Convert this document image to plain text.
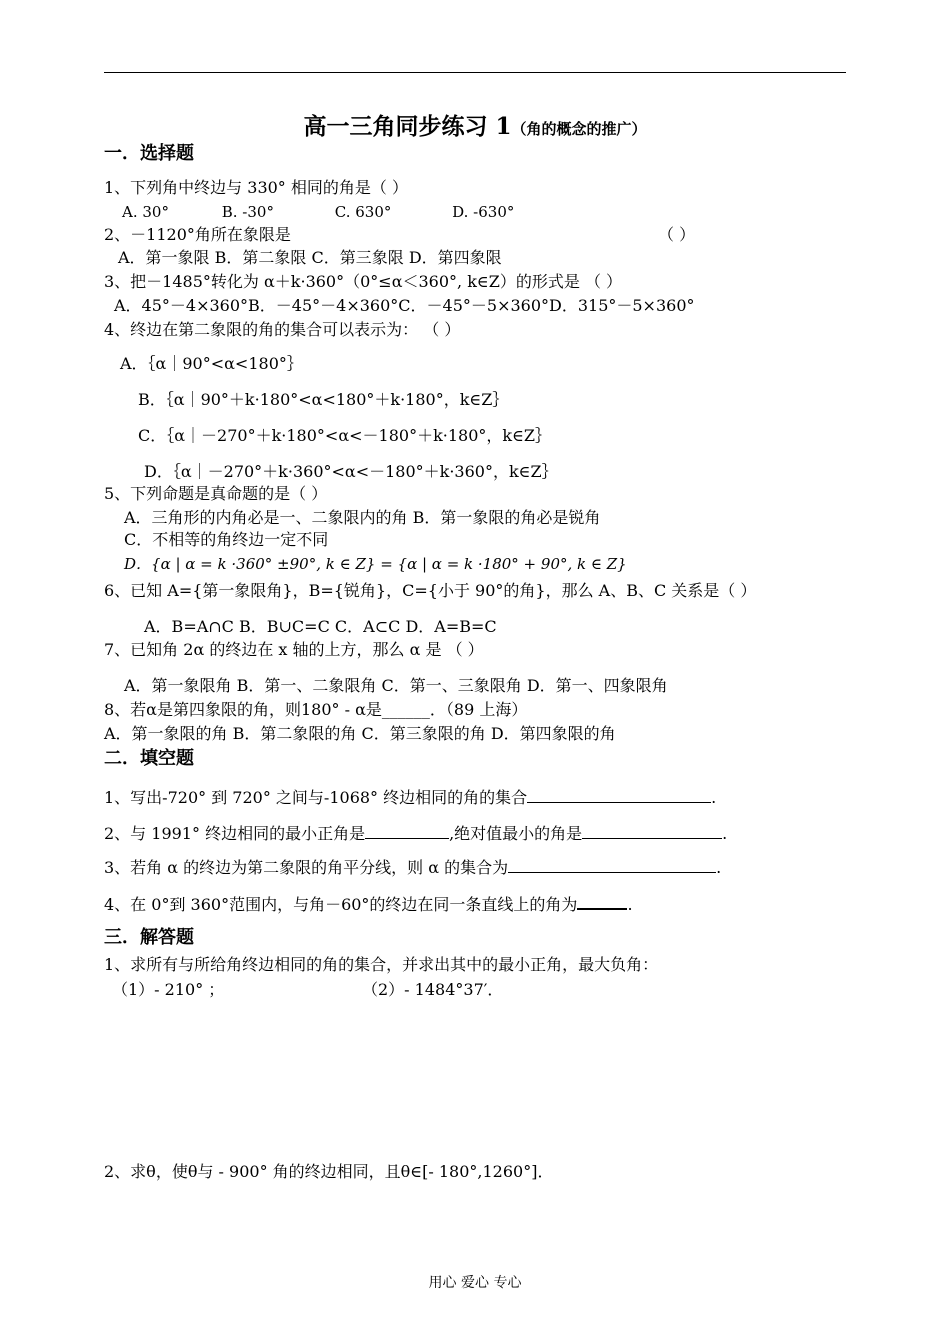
高一三角同步练习 1（角的概念的推广）
一．选择题
1、下列角中终边与 330° 相同的角是（ ）
A. 30°	B. -30°	C. 630°	D. -630°
2、－1120°角所在象限是	（ ）
A．第一象限 B．第二象限 C．第三象限 D．第四象限
3、把－1485°转化为 α＋k·360°（0°≤α＜360°, k∈Z）的形式是 （ ）
A．45°－4×360°B．－45°－4×360°C．－45°－5×360°D．315°－5×360°
4、终边在第二象限的角的集合可以表示为： （ ）
A．｛α｜90°<α<180°｝
B．｛α｜90°＋k·180°<α<180°＋k·180°，k∈Z｝
C．｛α｜－270°＋k·180°<α<－180°＋k·180°，k∈Z｝
D．｛α｜－270°＋k·360°<α<－180°＋k·360°，k∈Z｝
5、下列命题是真命题的是（ ）
A．三角形的内角必是一、二象限内的角 B．第一象限的角必是锐角
C．不相等的角终边一定不同
D．{α | α = k ·360° ±90°, k ∈ Z} = {α | α = k ·180° + 90°, k ∈ Z}
6、已知 A={第一象限角}，B={锐角}，C={小于 90°的角}，那么 A、B、C 关系是（ ）
A．B=A∩C B．B∪C=C C．A⊂C D．A=B=C
7、已知角 2α 的终边在 x 轴的上方，那么 α 是 （ ）
A．第一象限角 B．第一、二象限角 C．第一、三象限角 D．第一、四象限角
8、若α是第四象限的角，则180° - α是______．（89 上海）
A．第一象限的角 B．第二象限的角 C．第三象限的角 D．第四象限的角
二．填空题
1、写出-720° 到 720° 之间与-1068° 终边相同的角的集合	.
2、与 1991° 终边相同的最小正角是	,绝对值最小的角是	.
3、若角 α 的终边为第二象限的角平分线，则 α 的集合为	.
4、在 0°到 360°范围内，与角－60°的终边在同一条直线上的角为	.
三．解答题
1、求所有与所给角终边相同的角的集合，并求出其中的最小正角，最大负角：
（1）- 210° ；	（2）- 1484°37′．
2、求θ，使θ与 - 900° 角的终边相同，且θ∈[- 180°,1260°]．
用心 爱心 专心
